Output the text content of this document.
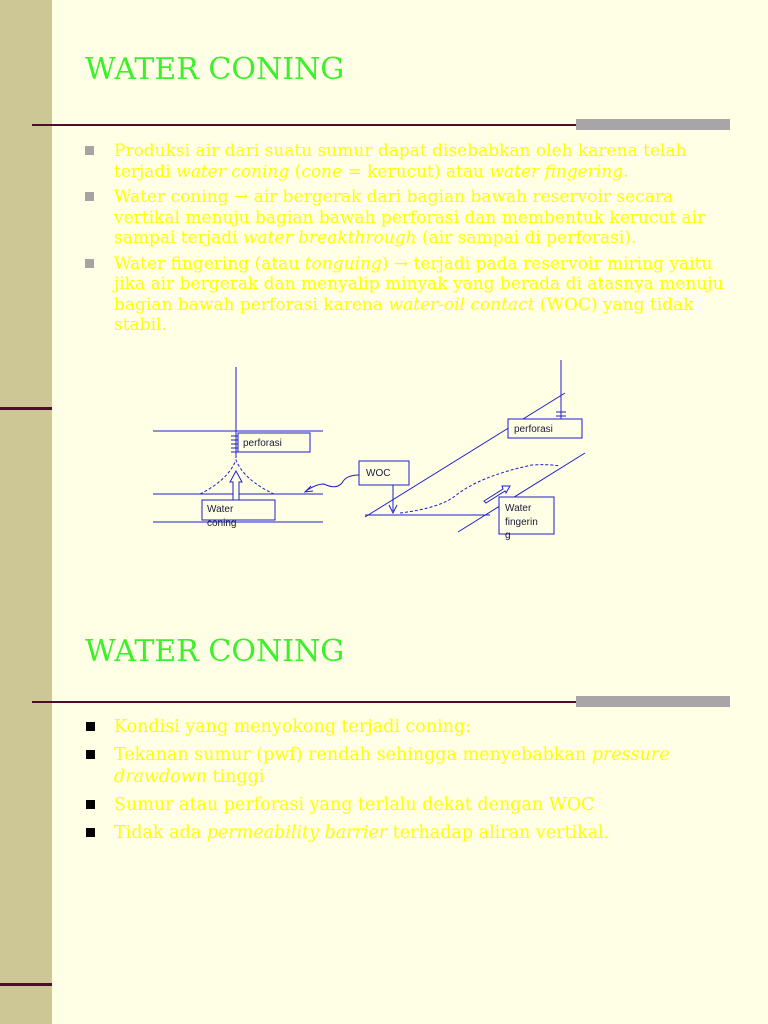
WATER CONING
Produksi air dari suatu sumur dapat disebabkan oleh karena telah terjadi water coning (cone = kerucut) atau water fingering.
Water coning → air bergerak dari bagian bawah reservoir secara vertikal menuju bagian bawah perforasi dan membentuk kerucut air sampai terjadi water breakthrough (air sampai di perforasi).
Water fingering (atau tonguing) → terjadi pada reservoir miring yaitu jika air bergerak dan menyalip minyak yang berada di atasnya menuju bagian bawah perforasi karena water-oil contact (WOC) yang tidak stabil.
perforasi
Water
coning
WOC
perforasi
Water
fingerin
g
WATER CONING
Kondisi yang menyokong terjadi coning:
Tekanan sumur (pwf) rendah sehingga menyebabkan pressure drawdown tinggi
Sumur atau perforasi yang terlalu dekat dengan WOC
Tidak ada permeability barrier terhadap aliran vertikal.
